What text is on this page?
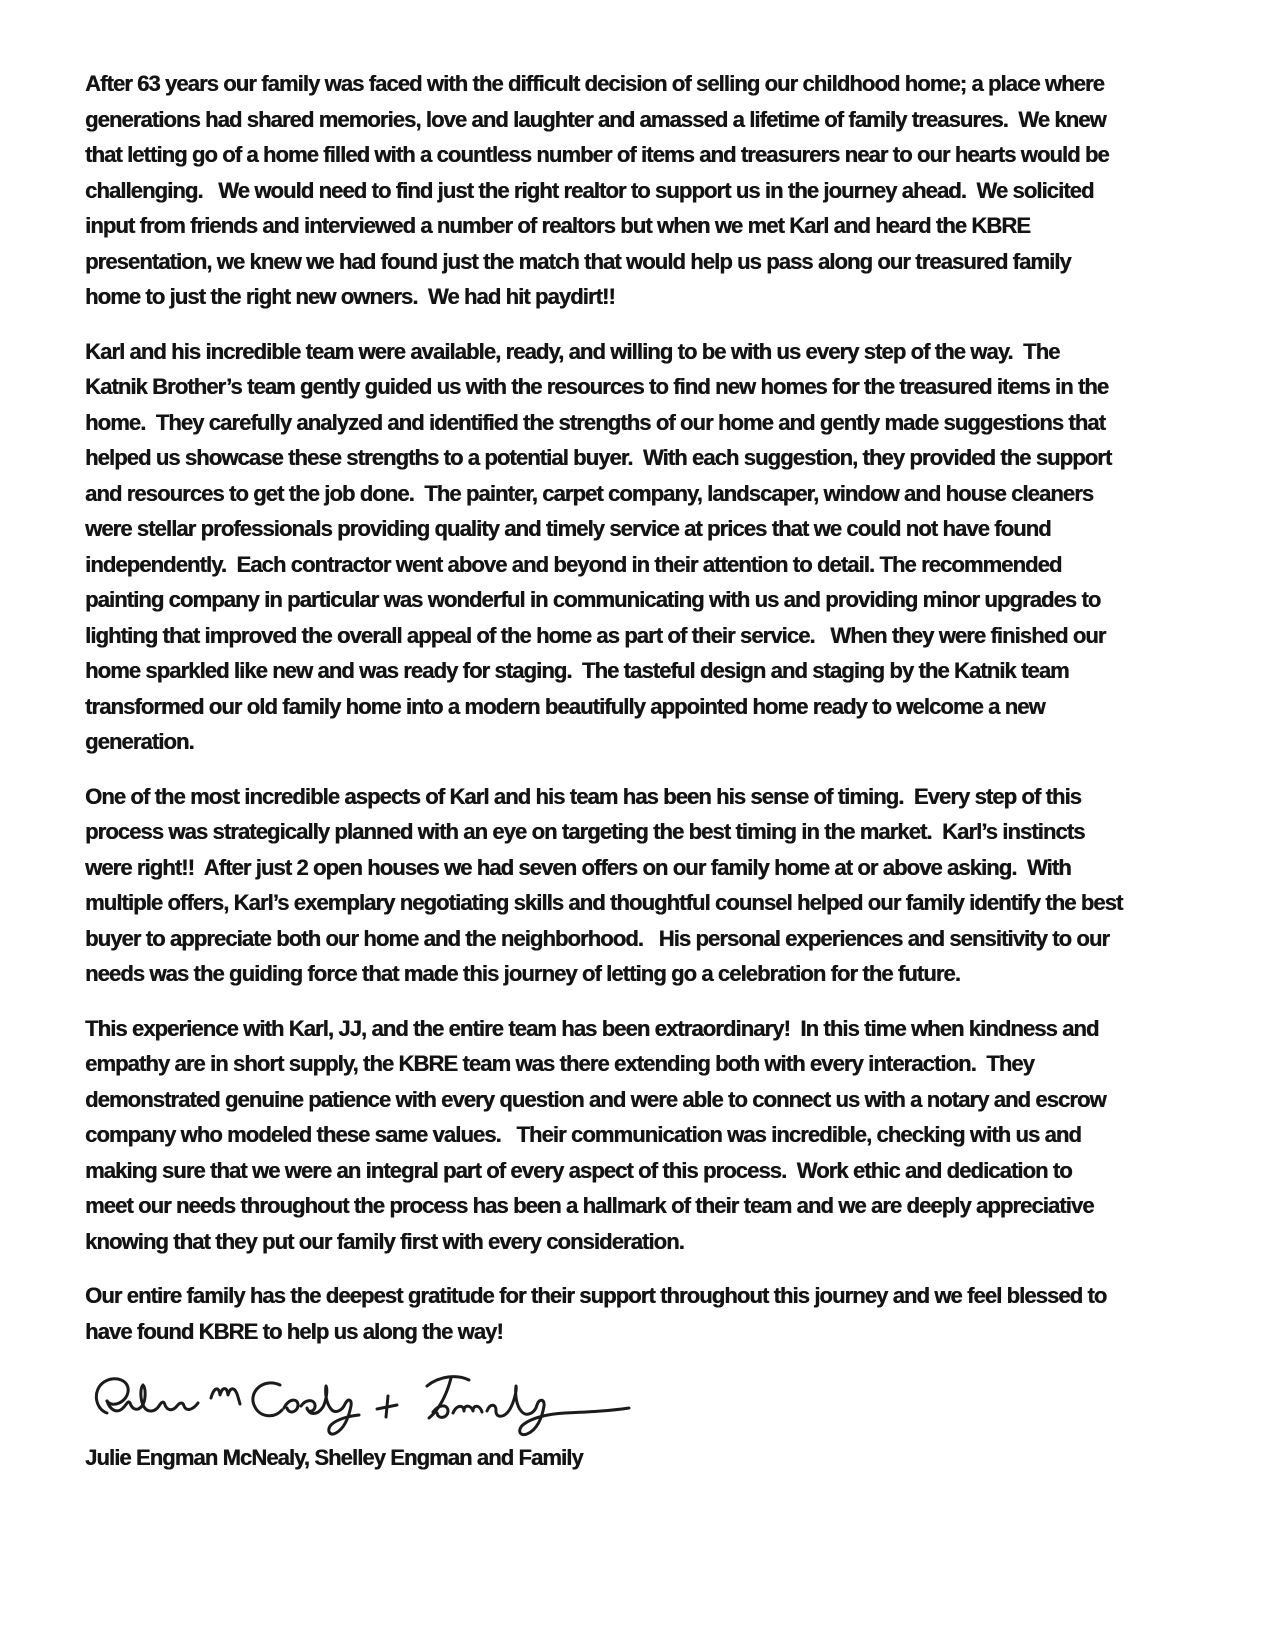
After 63 years our family was faced with the difficult decision of selling our childhood home; a place where
generations had shared memories, love and laughter and amassed a lifetime of family treasures.  We knew
that letting go of a home filled with a countless number of items and treasurers near to our hearts would be
challenging.   We would need to find just the right realtor to support us in the journey ahead.  We solicited
input from friends and interviewed a number of realtors but when we met Karl and heard the KBRE
presentation, we knew we had found just the match that would help us pass along our treasured family
home to just the right new owners.  We had hit paydirt!!
Karl and his incredible team were available, ready, and willing to be with us every step of the way.  The
Katnik Brother’s team gently guided us with the resources to find new homes for the treasured items in the
home.  They carefully analyzed and identified the strengths of our home and gently made suggestions that
helped us showcase these strengths to a potential buyer.  With each suggestion, they provided the support
and resources to get the job done.  The painter, carpet company, landscaper, window and house cleaners
were stellar professionals providing quality and timely service at prices that we could not have found
independently.  Each contractor went above and beyond in their attention to detail. The recommended
painting company in particular was wonderful in communicating with us and providing minor upgrades to
lighting that improved the overall appeal of the home as part of their service.   When they were finished our
home sparkled like new and was ready for staging.  The tasteful design and staging by the Katnik team
transformed our old family home into a modern beautifully appointed home ready to welcome a new
generation.
One of the most incredible aspects of Karl and his team has been his sense of timing.  Every step of this
process was strategically planned with an eye on targeting the best timing in the market.  Karl’s instincts
were right!!  After just 2 open houses we had seven offers on our family home at or above asking.  With
multiple offers, Karl’s exemplary negotiating skills and thoughtful counsel helped our family identify the best
buyer to appreciate both our home and the neighborhood.   His personal experiences and sensitivity to our
needs was the guiding force that made this journey of letting go a celebration for the future.
This experience with Karl, JJ, and the entire team has been extraordinary!  In this time when kindness and
empathy are in short supply, the KBRE team was there extending both with every interaction.  They
demonstrated genuine patience with every question and were able to connect us with a notary and escrow
company who modeled these same values.   Their communication was incredible, checking with us and
making sure that we were an integral part of every aspect of this process.  Work ethic and dedication to
meet our needs throughout the process has been a hallmark of their team and we are deeply appreciative
knowing that they put our family first with every consideration.
Our entire family has the deepest gratitude for their support throughout this journey and we feel blessed to
have found KBRE to help us along the way!
Julie Engman McNealy, Shelley Engman and Family
